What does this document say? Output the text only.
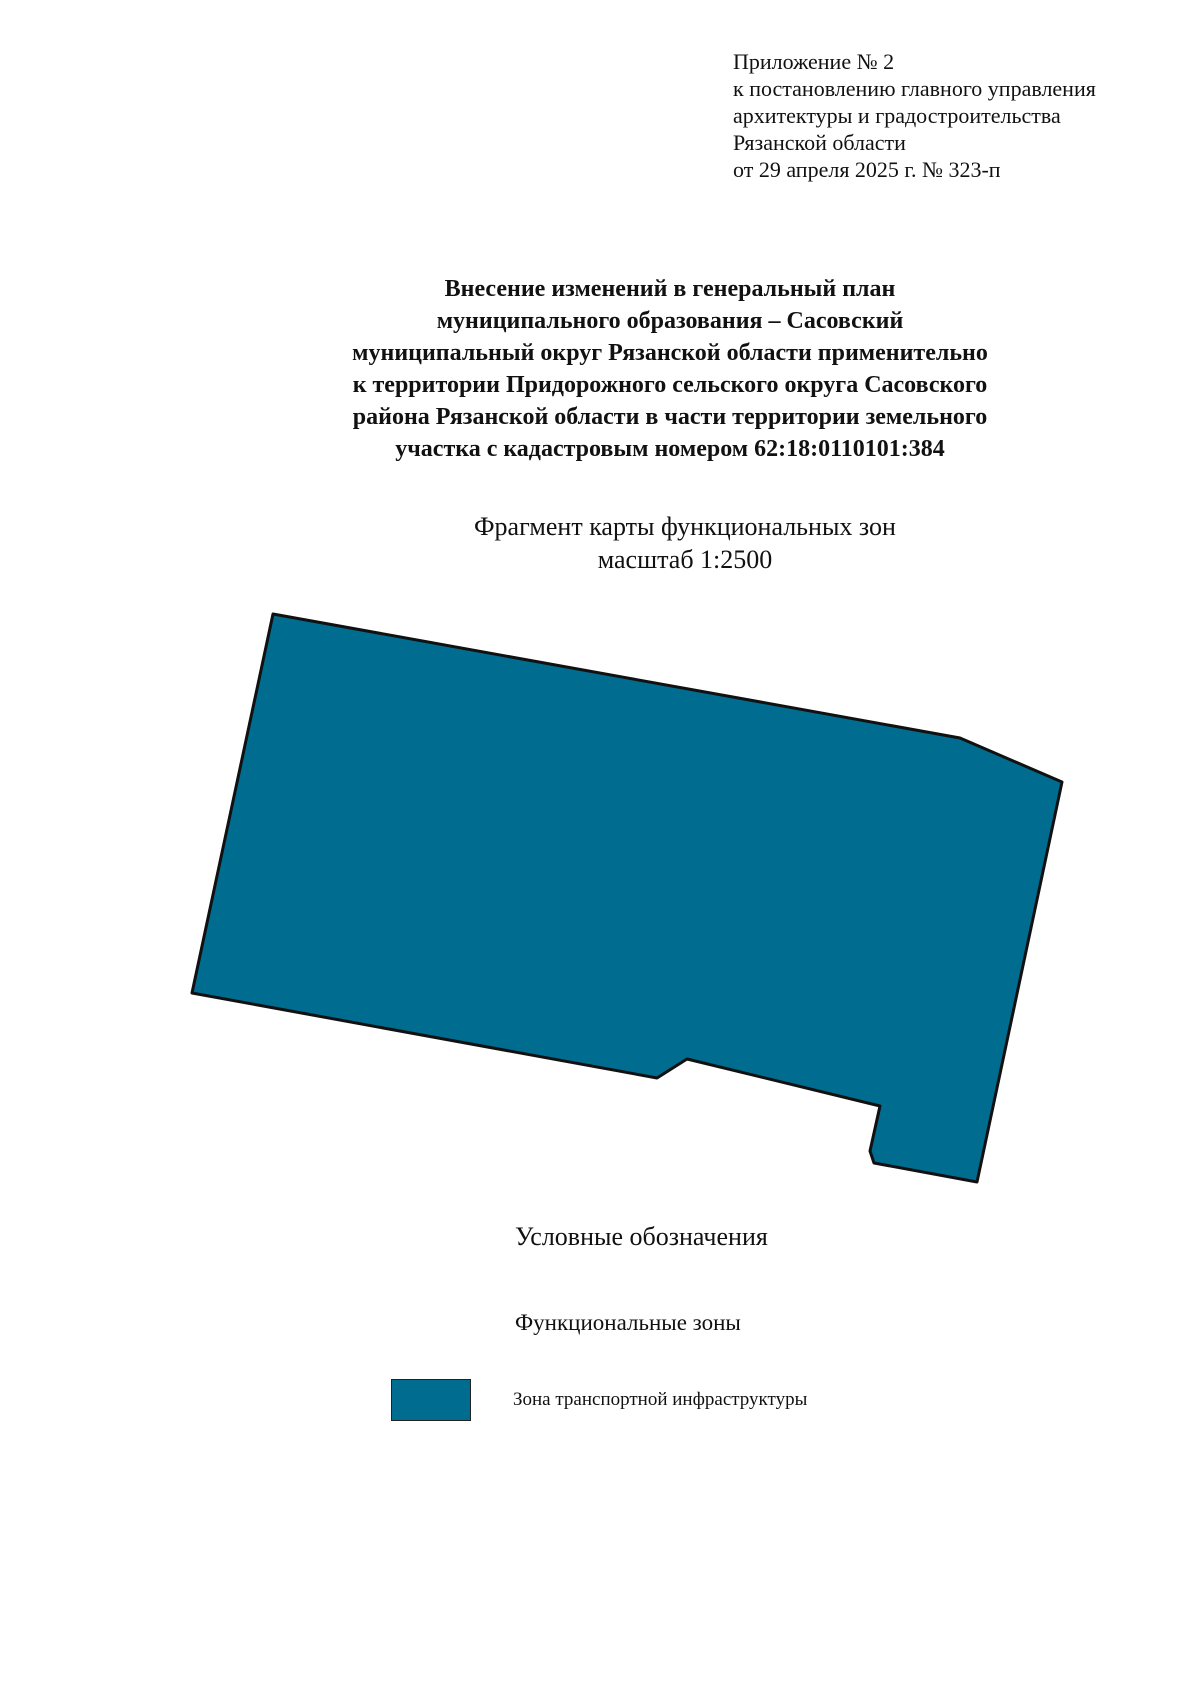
Приложение № 2
к постановлению главного управления
архитектуры и градостроительства
Рязанской области
от 29 апреля 2025 г. № 323-п
Внесение изменений в генеральный план
муниципального образования – Сасовский
муниципальный округ Рязанской области применительно
к территории Придорожного сельского округа Сасовского
района Рязанской области в части территории земельного
участка с кадастровым номером 62:18:0110101:384
Фрагмент карты функциональных зон
масштаб 1:2500
Условные обозначения
Функциональные зоны
Зона транспортной инфраструктуры
